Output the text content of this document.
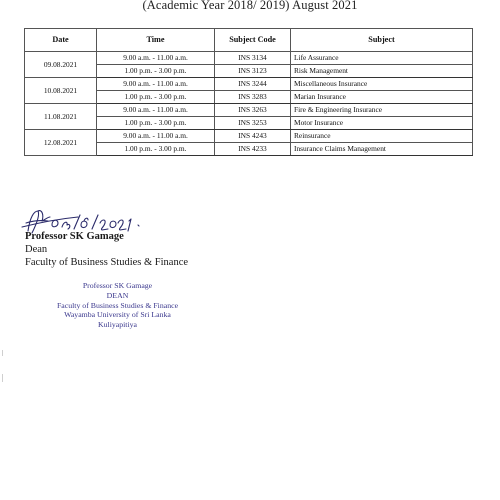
(Academic Year 2018/ 2019) August 2021
Date	Time	Subject Code	Subject
09.08.2021	9.00 a.m. - 11.00 a.m.	INS 3134	Life Assurance
	1.00 p.m. - 3.00 p.m.	INS 3123	Risk Management
10.08.2021	9.00 a.m. - 11.00 a.m.	INS 3244	Miscellaneous Insurance
	1.00 p.m. - 3.00 p.m.	INS 3283	Marian Insurance
11.08.2021	9.00 a.m. - 11.00 a.m.	INS 3263	Fire & Engineering Insurance
	1.00 p.m. - 3.00 p.m.	INS 3253	Motor Insurance
12.08.2021	9.00 a.m. - 11.00 a.m.	INS 4243	Reinsurance
	1.00 p.m. - 3.00 p.m.	INS 4233	Insurance Claims Management
Professor SK Gamage
Dean
Faculty of Business Studies & Finance
Professor SK Gamage
DEAN
Faculty of Business Studies & Finance
Wayamba University of Sri Lanka
Kuliyapitiya
